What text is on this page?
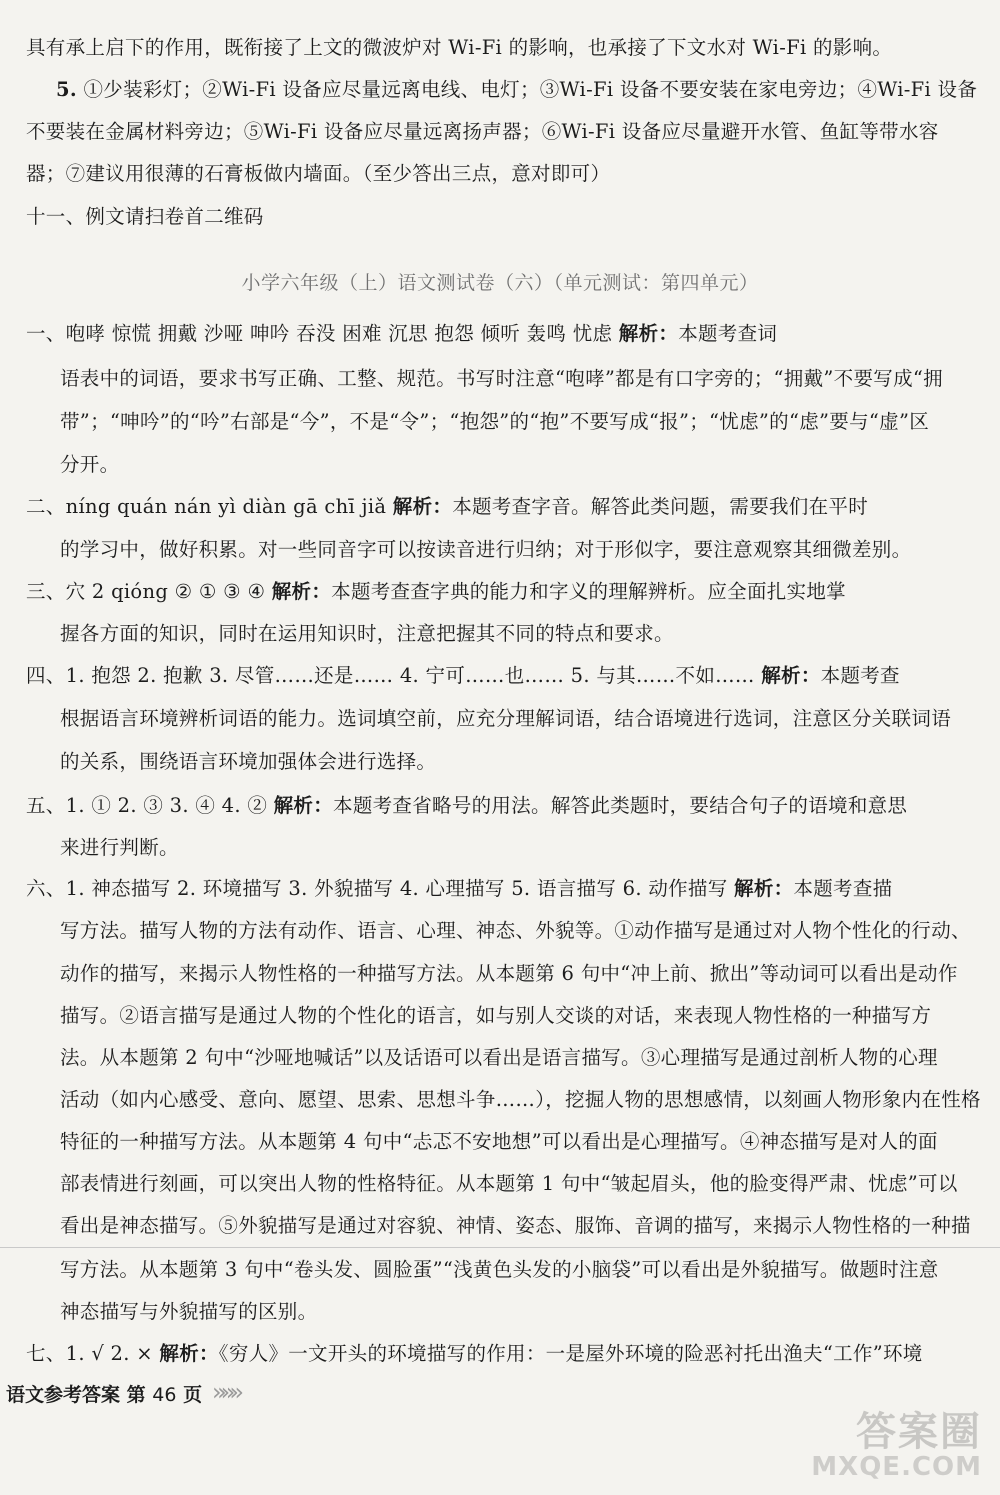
具有承上启下的作用，既衔接了上文的微波炉对 Wi-Fi 的影响，也承接了下文水对 Wi-Fi 的影响。
5. ①少装彩灯；②Wi-Fi 设备应尽量远离电线、电灯；③Wi-Fi 设备不要安装在家电旁边；④Wi-Fi 设备
不要装在金属材料旁边；⑤Wi-Fi 设备应尽量远离扬声器；⑥Wi-Fi 设备应尽量避开水管、鱼缸等带水容
器；⑦建议用很薄的石膏板做内墙面。（至少答出三点，意对即可）
十一、例文请扫卷首二维码
小学六年级（上）语文测试卷（六）（单元测试：第四单元）
一、咆哮 惊慌 拥戴 沙哑 呻吟 吞没 困难 沉思 抱怨 倾听 轰鸣 忧虑 解析：本题考查词
语表中的词语，要求书写正确、工整、规范。书写时注意“咆哮”都是有口字旁的；“拥戴”不要写成“拥
带”；“呻吟”的“吟”右部是“今”，不是“令”；“抱怨”的“抱”不要写成“报”；“忧虑”的“虑”要与“虚”区
分开。
二、níng quán nán yì diàn gā chī jiǎ 解析：本题考查字音。解答此类问题，需要我们在平时
的学习中，做好积累。对一些同音字可以按读音进行归纳；对于形似字，要注意观察其细微差别。
三、穴 2 qióng ② ① ③ ④ 解析：本题考查查字典的能力和字义的理解辨析。应全面扎实地掌
握各方面的知识，同时在运用知识时，注意把握其不同的特点和要求。
四、1. 抱怨 2. 抱歉 3. 尽管……还是…… 4. 宁可……也…… 5. 与其……不如…… 解析：本题考查
根据语言环境辨析词语的能力。选词填空前，应充分理解词语，结合语境进行选词，注意区分关联词语
的关系，围绕语言环境加强体会进行选择。
五、1. ① 2. ③ 3. ④ 4. ② 解析：本题考查省略号的用法。解答此类题时，要结合句子的语境和意思
来进行判断。
六、1. 神态描写 2. 环境描写 3. 外貌描写 4. 心理描写 5. 语言描写 6. 动作描写 解析：本题考查描
写方法。描写人物的方法有动作、语言、心理、神态、外貌等。①动作描写是通过对人物个性化的行动、
动作的描写，来揭示人物性格的一种描写方法。从本题第 6 句中“冲上前、掀出”等动词可以看出是动作
描写。②语言描写是通过人物的个性化的语言，如与别人交谈的对话，来表现人物性格的一种描写方
法。从本题第 2 句中“沙哑地喊话”以及话语可以看出是语言描写。③心理描写是通过剖析人物的心理
活动（如内心感受、意向、愿望、思索、思想斗争……），挖掘人物的思想感情，以刻画人物形象内在性格
特征的一种描写方法。从本题第 4 句中“忐忑不安地想”可以看出是心理描写。④神态描写是对人的面
部表情进行刻画，可以突出人物的性格特征。从本题第 1 句中“皱起眉头，他的脸变得严肃、忧虑”可以
看出是神态描写。⑤外貌描写是通过对容貌、神情、姿态、服饰、音调的描写，来揭示人物性格的一种描
写方法。从本题第 3 句中“卷头发、圆脸蛋”“浅黄色头发的小脑袋”可以看出是外貌描写。做题时注意
神态描写与外貌描写的区别。
七、1. √ 2. × 解析：《穷人》一文开头的环境描写的作用：一是屋外环境的险恶衬托出渔夫“工作”环境
语文参考答案 第 46 页 »»»
答案圈
MXQE.COM
